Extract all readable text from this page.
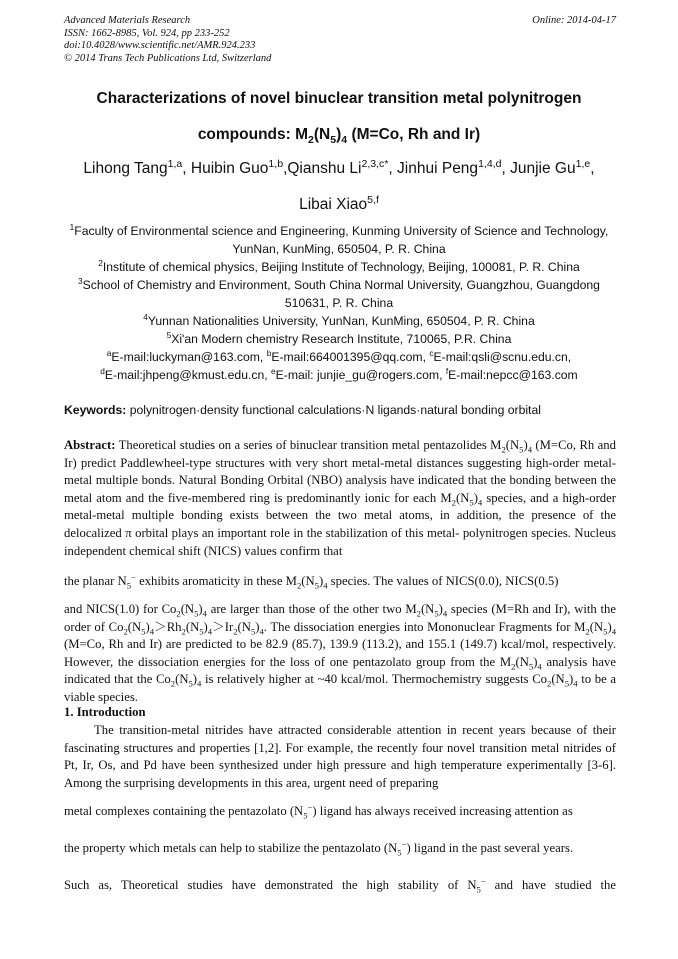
Advanced Materials Research
ISSN: 1662-8985, Vol. 924, pp 233-252
doi:10.4028/www.scientific.net/AMR.924.233
© 2014 Trans Tech Publications Ltd, Switzerland
Online: 2014-04-17
Characterizations of novel binuclear transition metal polynitrogen
compounds: $M_2(N_5)_4$ (M=Co, Rh and Ir)
Lihong Tang$^{1,a}$, Huibin Guo$^{1,b}$,Qianshu $Li^{2,3,c*}$, Jinhui Peng$^{1,4,d}$, Junjie Gu$^{1,e}$,
Libai Xiao$^{5,f}$
$^1$Faculty of Environmental science and Engineering, Kunming University of Science and Technology,
YunNan, KunMing, 650504, P. R. China
$^2$Institute of chemical physics, Beijing Institute of Technology, Beijing, 100081, P. R. China
$^3$School of Chemistry and Environment, South China Normal University, Guangzhou, Guangdong
510631, P. R. China
$^4$Yunnan Nationalities University, YunNan, KunMing, 650504, P. R. China
$^5$Xi'an Modern chemistry Research Institute, 710065, P.R. China
$^a$E-mail:luckyman@163.com, $^b$E-mail:664001395@qq.com, $^c$E-mail:qsli@scnu.edu.cn,
$^d$E-mail:jhpeng@kmust.edu.cn, $^e$E-mail: junjie_gu@rogers.com, $^f$E-mail:nepcc@163.com
Keywords: polynitrogen·density functional calculations·N ligands·natural bonding orbital
Abstract: Theoretical studies on a series of binuclear transition metal pentazolides $M_2(N_5)_4$ (M=Co, Rh and Ir) predict Paddlewheel-type structures with very short metal-metal distances suggesting high-order metal-metal multiple bonds. Natural Bonding Orbital (NBO) analysis have indicated that the bonding between the metal atom and the five-membered ring is predominantly ionic for each $M_2(N_5)_4$ species, and a high-order metal-metal multiple bonding exists between the two metal atoms, in addition, the presence of the delocalized π orbital plays an important role in the stabilization of this metal- polynitrogen species. Nucleus independent chemical shift (NICS) values confirm that
the planar $N_5^-$ exhibits aromaticity in these $M_2(N_5)_4$ species. The values of NICS(0.0), NICS(0.5)
and NICS(1.0) for $Co_2(N_5)_4$ are larger than those of the other two $M_2(N_5)_4$ species (M=Rh and Ir), with the order of $Co_2(N_5)_4>Rh_2(N_5)_4>Ir_2(N_5)_4$. The dissociation energies into Mononuclear Fragments for $M_2(N_5)_4$ (M=Co, Rh and Ir) are predicted to be 82.9 (85.7), 139.9 (113.2), and 155.1 (149.7) kcal/mol, respectively. However, the dissociation energies for the loss of one pentazolato group from the $M_2(N_5)_4$ analysis have indicated that the $Co_2(N_5)_4$ is relatively higher at ~40 kcal/mol. Thermochemistry suggests $Co_2(N_5)_4$ to be a viable species.
1. Introduction
The transition-metal nitrides have attracted considerable attention in recent years because of their fascinating structures and properties [1,2]. For example, the recently four novel transition metal nitrides of Pt, Ir, Os, and Pd have been synthesized under high pressure and high temperature experimentally [3-6]. Among the surprising developments in this area, urgent need of preparing
metal complexes containing the pentazolato $(N_5^-)$ ligand has always received increasing attention as
the property which metals can help to stabilize the pentazolato $(N_5^-)$ ligand in the past several years.
Such as, Theoretical studies have demonstrated the high stability of $N_5^-$ and have studied the
